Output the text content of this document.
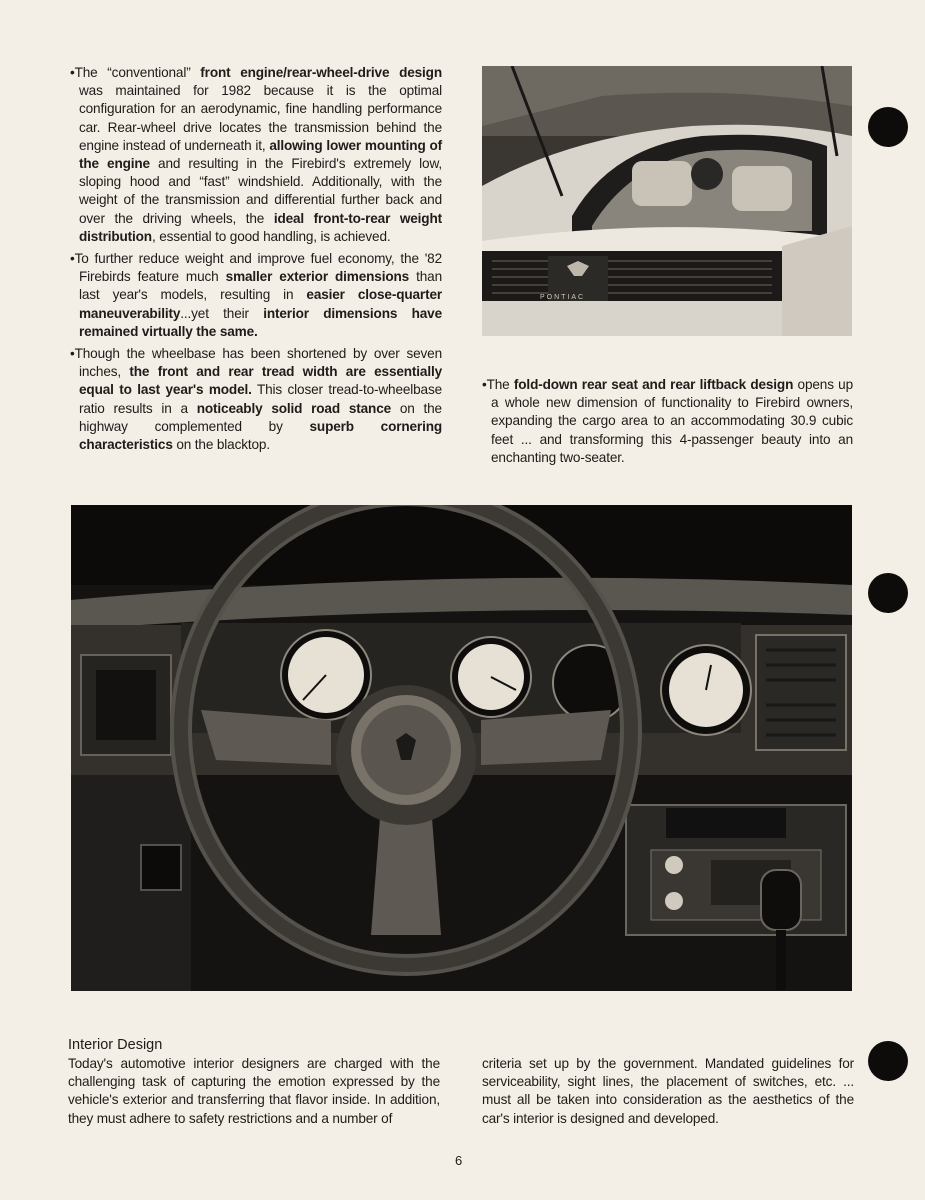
•The “conventional” front engine/rear-wheel-drive design was maintained for 1982 because it is the optimal configuration for an aerodynamic, fine handling performance car. Rear-wheel drive locates the transmission behind the engine instead of underneath it, allowing lower mounting of the engine and resulting in the Firebird's extremely low, sloping hood and “fast” windshield. Additionally, with the weight of the transmission and differential further back and over the driving wheels, the ideal front-to-rear weight distribution, essential to good handling, is achieved.

•To further reduce weight and improve fuel economy, the '82 Firebirds feature much smaller exterior dimensions than last year's models, resulting in easier close-quarter maneuverability...yet their interior dimensions have remained virtually the same.

•Though the wheelbase has been shortened by over seven inches, the front and rear tread width are essentially equal to last year's model. This closer tread-to-wheelbase ratio results in a noticeably solid road stance on the highway complemented by superb cornering characteristics on the blacktop.

PONTIAC

•The fold-down rear seat and rear liftback design opens up a whole new dimension of functionality to Firebird owners, expanding the cargo area to an accommodating 30.9 cubic feet ... and transforming this 4-passenger beauty into an enchanting two-seater.

Interior Design

Today's automotive interior designers are charged with the challenging task of capturing the emotion expressed by the vehicle's exterior and transferring that flavor inside. In addition, they must adhere to safety restrictions and a number of

criteria set up by the government. Mandated guidelines for serviceability, sight lines, the placement of switches, etc. ... must all be taken into consideration as the aesthetics of the car's interior is designed and developed.

6
